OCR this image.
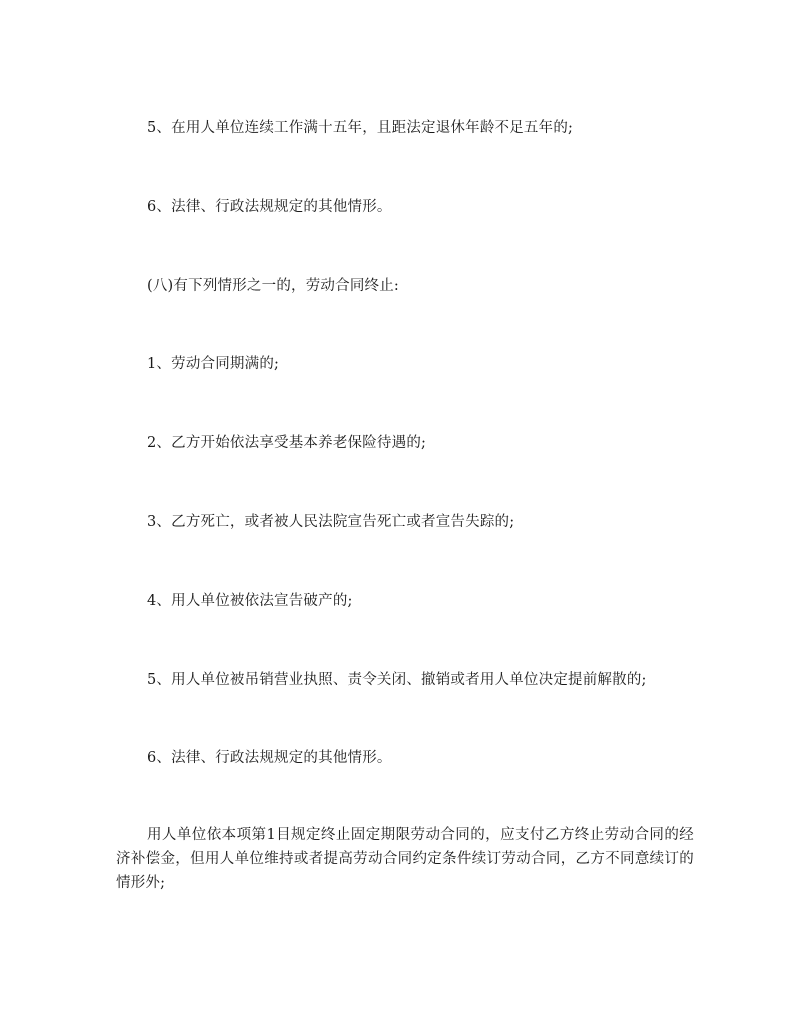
5、在用人单位连续工作满十五年，且距法定退休年龄不足五年的;
6、法律、行政法规规定的其他情形。
(八)有下列情形之一的，劳动合同终止:
1、劳动合同期满的;
2、乙方开始依法享受基本养老保险待遇的;
3、乙方死亡，或者被人民法院宣告死亡或者宣告失踪的;
4、用人单位被依法宣告破产的;
5、用人单位被吊销营业执照、责令关闭、撤销或者用人单位决定提前解散的;
6、法律、行政法规规定的其他情形。
用人单位依本项第1目规定终止固定期限劳动合同的，应支付乙方终止劳动合同的经济补偿金，但用人单位维持或者提高劳动合同约定条件续订劳动合同，乙方不同意续订的情形外;
